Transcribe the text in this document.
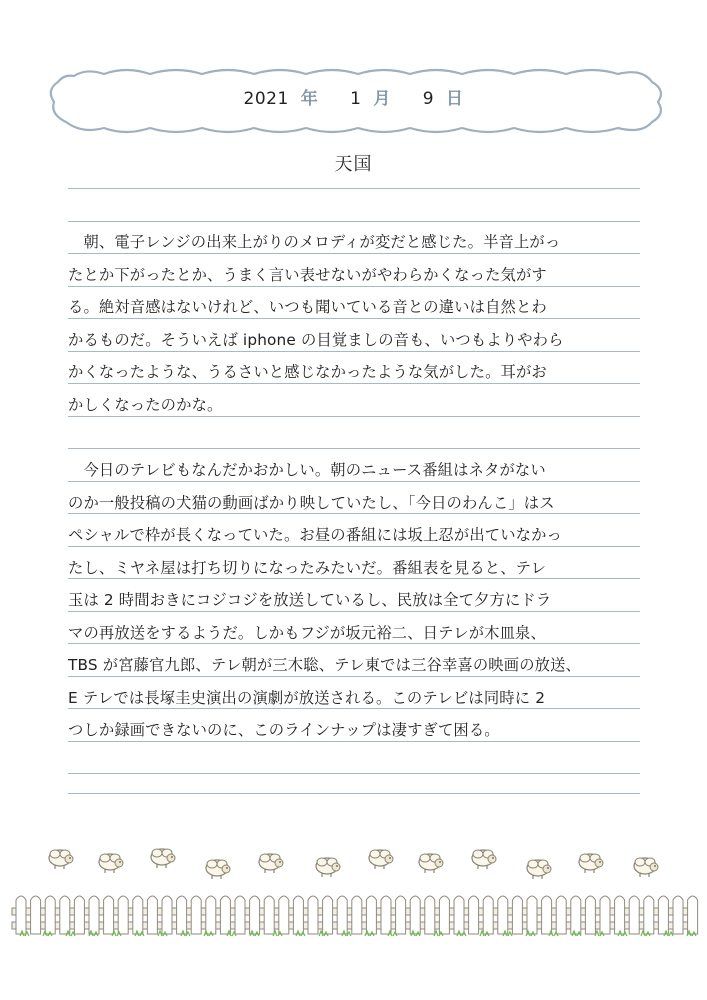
2021 年 1 月 9 日
天国
　朝、電子レンジの出来上がりのメロディが変だと感じた。半音上がっ
たとか下がったとか、うまく言い表せないがやわらかくなった気がす
る。絶対音感はないけれど、いつも聞いている音との違いは自然とわ
かるものだ。そういえば iphone の目覚ましの音も、いつもよりやわら
かくなったような、うるさいと感じなかったような気がした。耳がお
かしくなったのかな。
　今日のテレビもなんだかおかしい。朝のニュース番組はネタがない
のか一般投稿の犬猫の動画ばかり映していたし、「今日のわんこ」はス
ペシャルで枠が長くなっていた。お昼の番組には坂上忍が出ていなかっ
たし、ミヤネ屋は打ち切りになったみたいだ。番組表を見ると、テレ
玉は 2 時間おきにコジコジを放送しているし、民放は全て夕方にドラ
マの再放送をするようだ。しかもフジが坂元裕二、日テレが木皿泉、
TBS が宮藤官九郎、テレ朝が三木聡、テレ東では三谷幸喜の映画の放送、
E テレでは長塚圭史演出の演劇が放送される。このテレビは同時に 2
つしか録画できないのに、このラインナップは凄すぎて困る。
